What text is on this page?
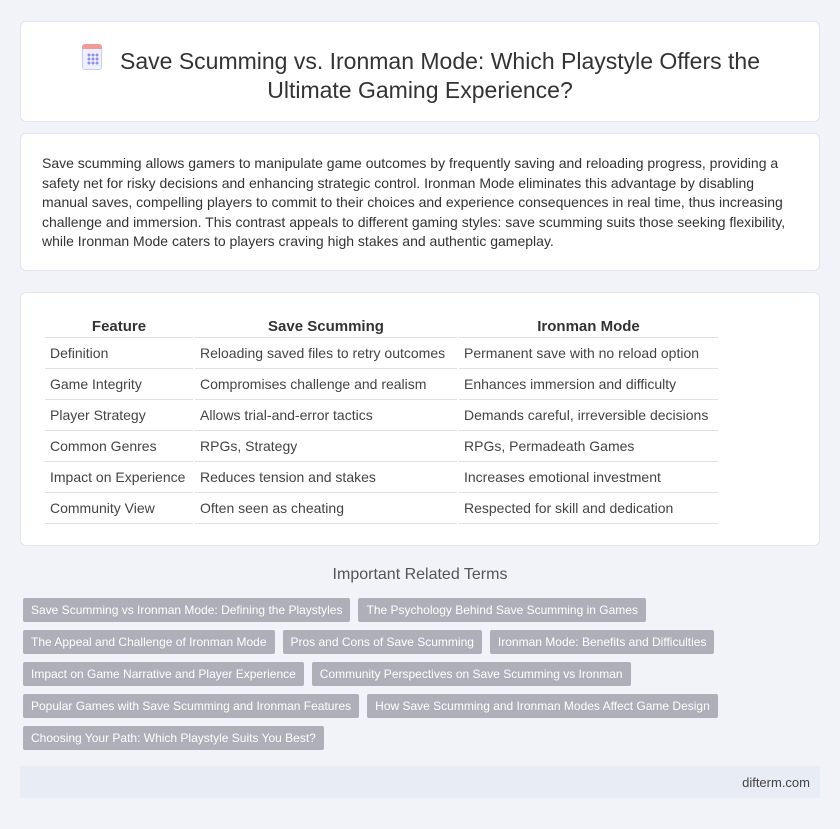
Save Scumming vs. Ironman Mode: Which Playstyle Offers the Ultimate Gaming Experience?

Save scumming allows gamers to manipulate game outcomes by frequently saving and reloading progress, providing a safety net for risky decisions and enhancing strategic control. Ironman Mode eliminates this advantage by disabling manual saves, compelling players to commit to their choices and experience consequences in real time, thus increasing challenge and immersion. This contrast appeals to different gaming styles: save scumming suits those seeking flexibility, while Ironman Mode caters to players craving high stakes and authentic gameplay.

Feature	Save Scumming	Ironman Mode
Definition	Reloading saved files to retry outcomes	Permanent save with no reload option
Game Integrity	Compromises challenge and realism	Enhances immersion and difficulty
Player Strategy	Allows trial-and-error tactics	Demands careful, irreversible decisions
Common Genres	RPGs, Strategy	RPGs, Permadeath Games
Impact on Experience	Reduces tension and stakes	Increases emotional investment
Community View	Often seen as cheating	Respected for skill and dedication
Important Related Terms
Save Scumming vs Ironman Mode: Defining the Playstyles The Psychology Behind Save Scumming in GamesThe Appeal and Challenge of Ironman Mode Pros and Cons of Save Scumming Ironman Mode: Benefits and DifficultiesImpact on Game Narrative and Player Experience Community Perspectives on Save Scumming vs IronmanPopular Games with Save Scumming and Ironman Features How Save Scumming and Ironman Modes Affect Game DesignChoosing Your Path: Which Playstyle Suits You Best?
difterm.com
